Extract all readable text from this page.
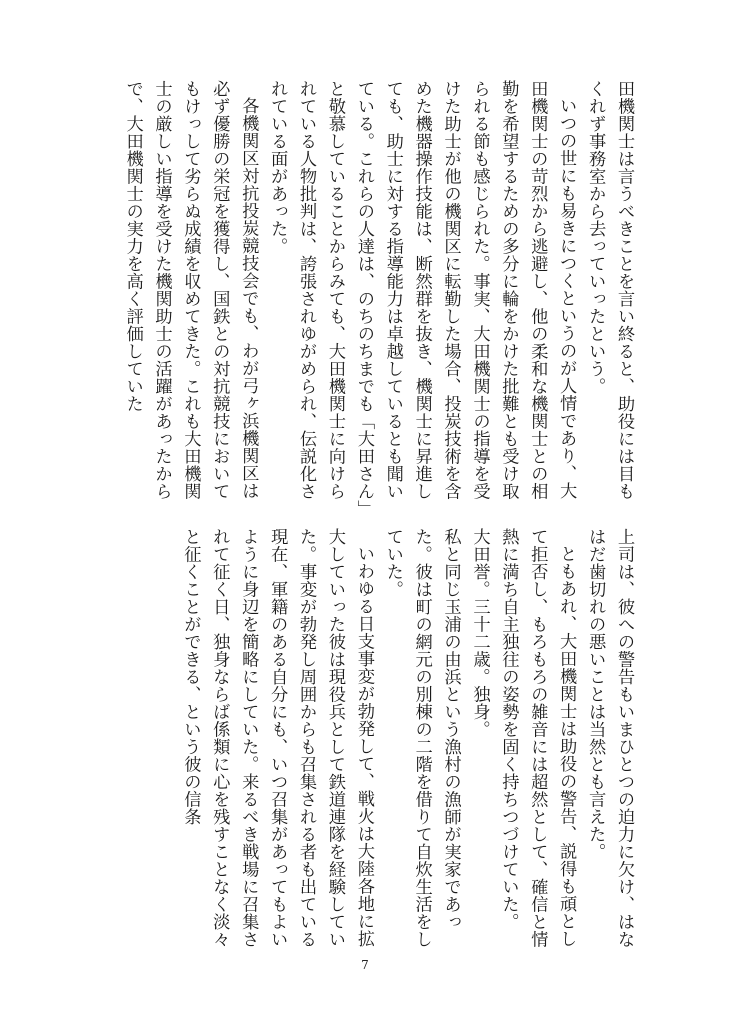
田機関士は言うべきことを言い終ると、助役には目もくれず事務室から去っていったという。

いつの世にも易きにつくというのが人情であり、大田機関士の苛烈から逃避し、他の柔和な機関士との相勤を希望するための多分に輪をかけた批難とも受け取られる節も感じられた。事実、大田機関士の指導を受けた助士が他の機関区に転勤した場合、投炭技術を含めた機器操作技能は、断然群を抜き、機関士に昇進しても、助士に対する指導能力は卓越しているとも聞いている。これらの人達は、のちのちまでも「大田さん」と敬慕していることからみても、大田機関士に向けられている人物批判は、誇張されゆがめられ、伝説化されている面があった。

各機関区対抗投炭競技会でも、わが弓ヶ浜機関区は必ず優勝の栄冠を獲得し、国鉄との対抗競技においてもけっして劣らぬ成績を収めてきた。これも大田機関士の厳しい指導を受けた機関助士の活躍があったからで、大田機関士の実力を高く評価していた

上司は、彼への警告もいまひとつの迫力に欠け、はなはだ歯切れの悪いことは当然とも言えた。

ともあれ、大田機関士は助役の警告、説得も頑として拒否し、もろもろの雑音には超然として、確信と情熱に満ち自主独往の姿勢を固く持ちつづけていた。

大田誉。三十二歳。独身。

私と同じ玉浦の由浜という漁村の漁師が実家であった。彼は町の網元の別棟の二階を借りて自炊生活をしていた。

いわゆる日支事変が勃発して、戦火は大陸各地に拡大していった彼は現役兵として鉄道連隊を経験していた。事変が勃発し周囲からも召集される者も出ている現在、軍籍のある自分にも、いつ召集があってもよいように身辺を簡略にしていた。来るべき戦場に召集されて征く日、独身ならば係類に心を残すことなく淡々と征くことができる、という彼の信条

7
